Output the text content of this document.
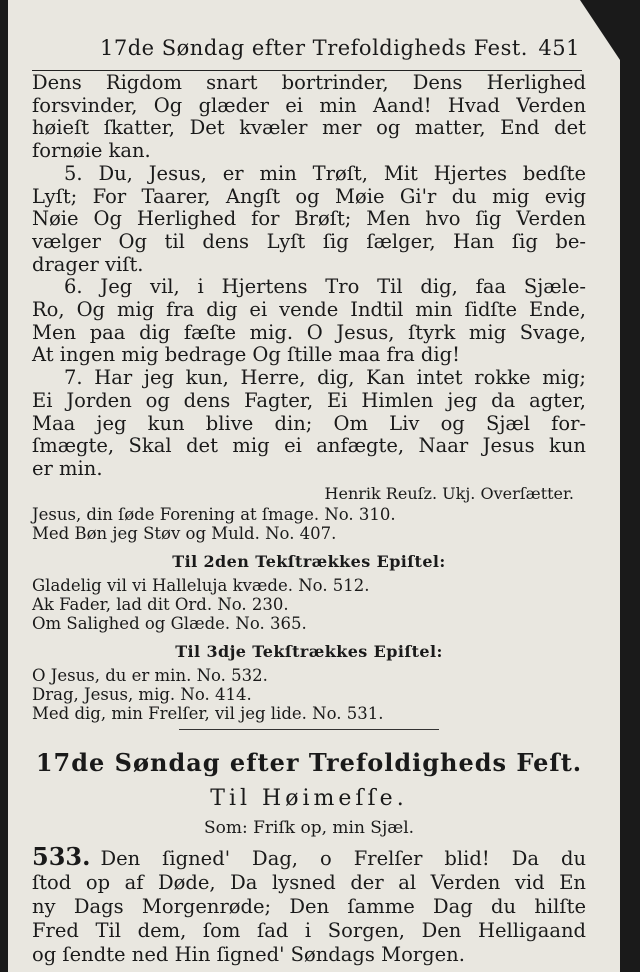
17de Søndag efter Trefoldigheds Fest. 451
Dens Rigdom snart bortrinder, Dens Herlighed
forsvinder, Og glæder ei min Aand! Hvad Verden
høieſt ſkatter, Det kvæler mer og matter, End det
fornøie kan.
5. Du, Jesus, er min Trøſt, Mit Hjertes bedſte
Lyſt; For Taarer, Angſt og Møie Gi'r du mig evig
Nøie Og Herlighed for Brøſt; Men hvo ſig Verden
vælger Og til dens Lyſt ſig ſælger, Han ſig be-
drager viſt.
6. Jeg vil, i Hjertens Tro Til dig, faa Sjæle-
Ro, Og mig fra dig ei vende Indtil min ſidſte Ende,
Men paa dig fæſte mig. O Jesus, ſtyrk mig Svage,
At ingen mig bedrage Og ſtille maa fra dig!
7. Har jeg kun, Herre, dig, Kan intet rokke mig;
Ei Jorden og dens Fagter, Ei Himlen jeg da agter,
Maa jeg kun blive din; Om Liv og Sjæl for-
ſmægte, Skal det mig ei anfægte, Naar Jesus kun
er min.
Henrik Reuſz. Ukj. Overſætter.
Jesus, din ſøde Forening at ſmage. No. 310.
Med Bøn jeg Støv og Muld. No. 407.
Til 2den Tekſtrækkes Epiſtel:
Gladelig vil vi Halleluja kvæde. No. 512.
Ak Fader, lad dit Ord. No. 230.
Om Salighed og Glæde. No. 365.
Til 3dje Tekſtrækkes Epiſtel:
O Jesus, du er min. No. 532.
Drag, Jesus, mig. No. 414.
Med dig, min Frelſer, vil jeg lide. No. 531.
17de Søndag efter Trefoldigheds Feſt.
Til Høimeſſe.
Som: Friſk op, min Sjæl.
533. Den ſigned' Dag, o Frelſer blid! Da du
ſtod op af Døde, Da lysned der al Verden vid En
ny Dags Morgenrøde; Den ſamme Dag du hilſte
Fred Til dem, ſom ſad i Sorgen, Den Helligaand
og ſendte ned Hin ſigned' Søndags Morgen.
